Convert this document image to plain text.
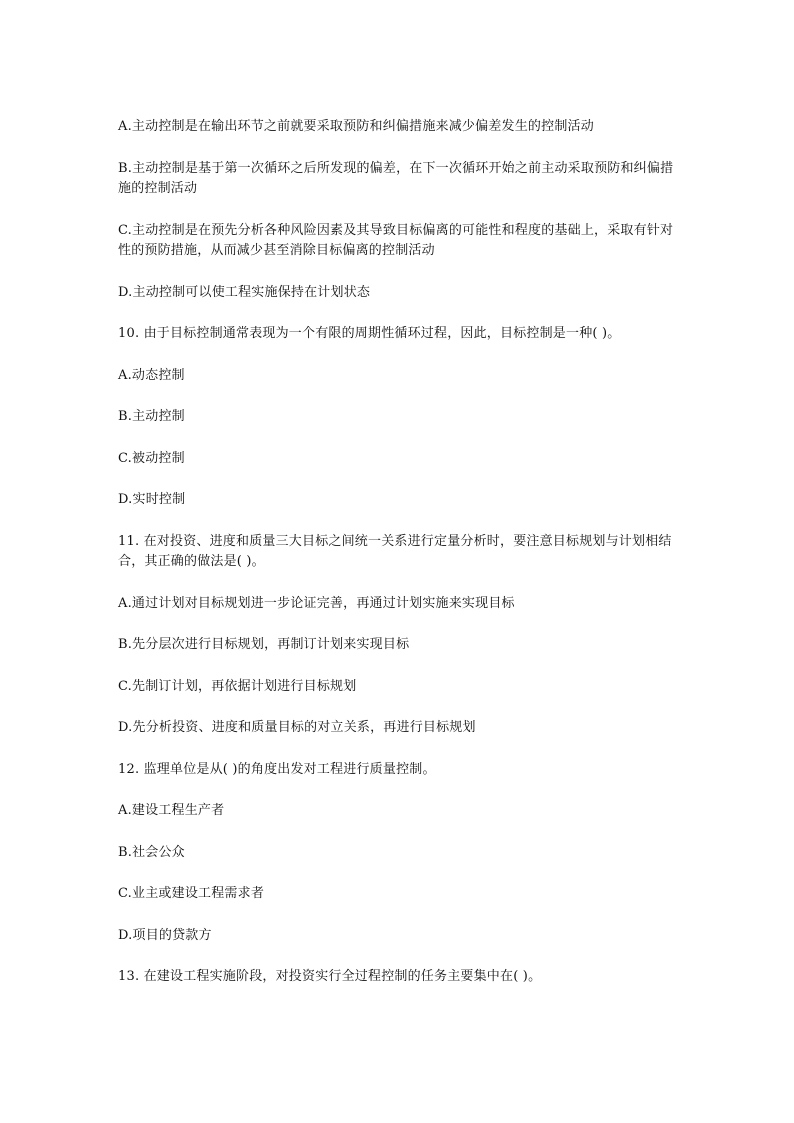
A.主动控制是在输出环节之前就要采取预防和纠偏措施来减少偏差发生的控制活动

B.主动控制是基于第一次循环之后所发现的偏差，在下一次循环开始之前主动采取预防和纠偏措施的控制活动

C.主动控制是在预先分析各种风险因素及其导致目标偏离的可能性和程度的基础上，采取有针对性的预防措施，从而减少甚至消除目标偏离的控制活动

D.主动控制可以使工程实施保持在计划状态

10. 由于目标控制通常表现为一个有限的周期性循环过程，因此，目标控制是一种( )。

A.动态控制

B.主动控制

C.被动控制

D.实时控制

11. 在对投资、进度和质量三大目标之间统一关系进行定量分析时，要注意目标规划与计划相结合，其正确的做法是( )。

A.通过计划对目标规划进一步论证完善，再通过计划实施来实现目标

B.先分层次进行目标规划，再制订计划来实现目标

C.先制订计划，再依据计划进行目标规划

D.先分析投资、进度和质量目标的对立关系，再进行目标规划

12. 监理单位是从( )的角度出发对工程进行质量控制。

A.建设工程生产者

B.社会公众

C.业主或建设工程需求者

D.项目的贷款方

13. 在建设工程实施阶段，对投资实行全过程控制的任务主要集中在( )。
